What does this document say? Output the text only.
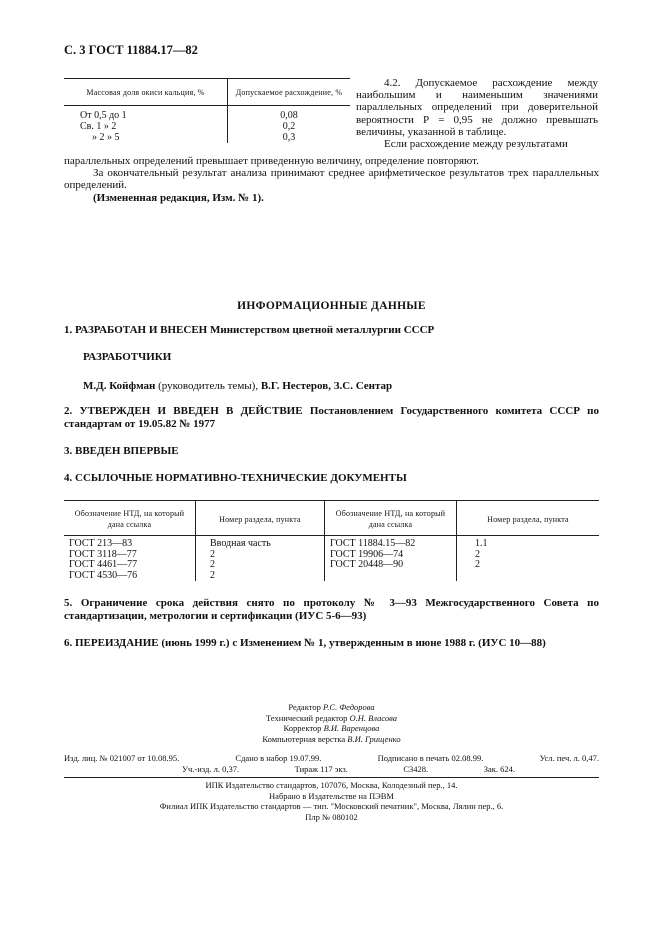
С. 3 ГОСТ 11884.17—82
Массовая доля окиси кальция, %	Допускаемое расхождение, %
От 0,5 до 1	0,08
Св. 1 » 2	0,2
» 2 » 5	0,3

4.2. Допускаемое расхождение между наибольшим и наименьшим значениями параллельных определений при доверительной вероятности Р = 0,95 не должно превышать величины, указанной в таблице.

Если расхождение между результатами

параллельных определений превышает приведенную величину, определение повторяют.

За окончательный результат анализа принимают среднее арифметическое результатов трех параллельных определений.

(Измененная редакция, Изм. № 1).

ИНФОРМАЦИОННЫЕ ДАННЫЕ
1. РАЗРАБОТАН И ВНЕСЕН Министерством цветной металлургии СССР
РАЗРАБОТЧИКИ
М.Д. Койфман (руководитель темы), В.Г. Нестеров, З.С. Сентар
2. УТВЕРЖДЕН И ВВЕДЕН В ДЕЙСТВИЕ Постановлением Государственного комитета СССР по стандартам от 19.05.82 № 1977
3. ВВЕДЕН ВПЕРВЫЕ
4. ССЫЛОЧНЫЕ НОРМАТИВНО-ТЕХНИЧЕСКИЕ ДОКУМЕНТЫ
Обозначение НТД, на который дана ссылка	Номер раздела, пункта	Обозначение НТД, на который дана ссылка	Номер раздела, пункта
ГОСТ 213—83	Вводная часть	ГОСТ 11884.15—82	1.1
ГОСТ 3118—77	2	ГОСТ 19906—74	2
ГОСТ 4461—77	2	ГОСТ 20448—90	2
ГОСТ 4530—76	2		
5. Ограничение срока действия снято по протоколу № 3—93 Межгосударственного Совета по стандартизации, метрологии и сертификации (ИУС 5-6—93)
6. ПЕРЕИЗДАНИЕ (июнь 1999 г.) с Изменением № 1, утвержденным в июне 1988 г. (ИУС 10—88)
Редактор Р.С. Федорова
Технический редактор О.Н. Власова
Корректор В.И. Варенцова
Компьютерная верстка В.И. Грищенко
Изд. лиц. № 021007 от 10.08.95.	Сдано в набор 19.07.99.	Подписано в печать 02.08.99.	Усл. печ. л. 0,47.
Уч.-изд. л. 0,37.	Тираж 117 экз.	С3428.	Зак. 624.
ИПК Издательство стандартов, 107076, Москва, Колодезный пер., 14.
Набрано в Издательстве на ПЭВМ
Филиал ИПК Издательство стандартов — тип. "Московский печатник", Москва, Лялин пер., 6.
Плр № 080102
